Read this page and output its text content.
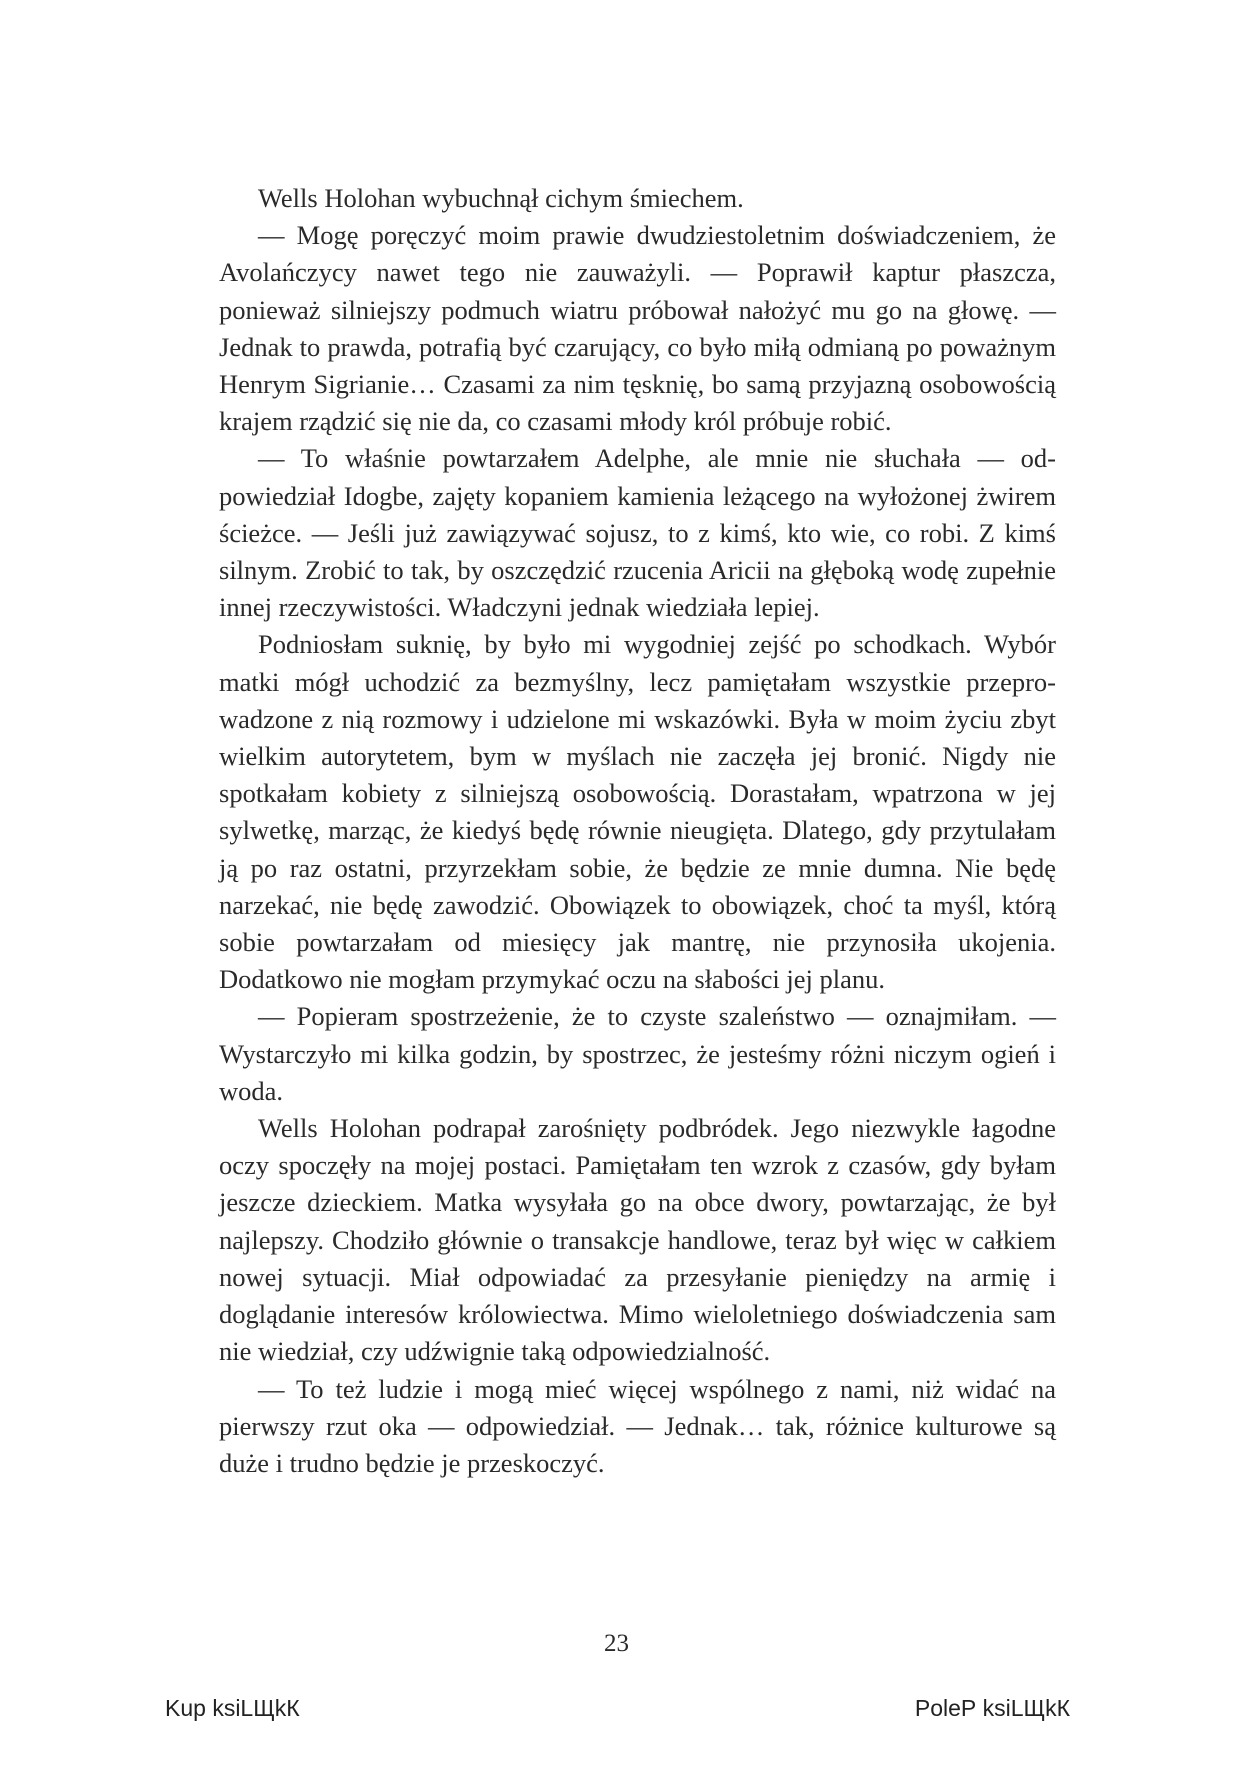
Wells Holohan wybuchnął cichym śmiechem.

— Mogę poręczyć moim prawie dwudziestoletnim doświadczeniem, że Avolańczycy nawet tego nie zauważyli. — Poprawił kaptur płaszcza, ponieważ silniejszy podmuch wiatru próbował nałożyć mu go na głowę. — Jednak to prawda, potrafią być czarujący, co było miłą odmianą po poważnym Henrym Sigrianie… Czasami za nim tęsknię, bo samą przyjazną osobowością krajem rządzić się nie da, co czasami młody król próbuje robić.

— To właśnie powtarzałem Adelphe, ale mnie nie słuchała — odpowiedział Idogbe, zajęty kopaniem kamienia leżącego na wyłożonej żwirem ścieżce. — Jeśli już zawiązywać sojusz, to z kimś, kto wie, co robi. Z kimś silnym. Zrobić to tak, by oszczędzić rzucenia Aricii na głęboką wodę zupełnie innej rzeczywistości. Władczyni jednak wiedziała lepiej.

Podniosłam suknię, by było mi wygodniej zejść po schodkach. Wybór matki mógł uchodzić za bezmyślny, lecz pamiętałam wszystkie przeprowadzone z nią rozmowy i udzielone mi wskazówki. Była w moim życiu zbyt wielkim autorytetem, bym w myślach nie zaczęła jej bronić. Nigdy nie spotkałam kobiety z silniejszą osobowością. Dorastałam, wpatrzona w jej sylwetkę, marząc, że kiedyś będę równie nieugięta. Dlatego, gdy przytulałam ją po raz ostatni, przyrzekłam sobie, że będzie ze mnie dumna. Nie będę narzekać, nie będę zawodzić. Obowiązek to obowiązek, choć ta myśl, którą sobie powtarzałam od miesięcy jak mantrę, nie przynosiła ukojenia. Dodatkowo nie mogłam przymykać oczu na słabości jej planu.

— Popieram spostrzeżenie, że to czyste szaleństwo — oznajmiłam. — Wystarczyło mi kilka godzin, by spostrzec, że jesteśmy różni niczym ogień i woda.

Wells Holohan podrapał zarośnięty podbródek. Jego niezwykle łagodne oczy spoczęły na mojej postaci. Pamiętałam ten wzrok z czasów, gdy byłam jeszcze dzieckiem. Matka wysyłała go na obce dwory, powtarzając, że był najlepszy. Chodziło głównie o transakcje handlowe, teraz był więc w całkiem nowej sytuacji. Miał odpowiadać za przesyłanie pieniędzy na armię i doglądanie interesów królowiectwa. Mimo wieloletniego doświadczenia sam nie wiedział, czy udźwignie taką odpowiedzialność.

— To też ludzie i mogą mieć więcej wspólnego z nami, niż widać na pierwszy rzut oka — odpowiedział. — Jednak… tak, różnice kulturowe są duże i trudno będzie je przeskoczyć.

23

Kup ksiLЩkК	PoleР ksiLЩkК
